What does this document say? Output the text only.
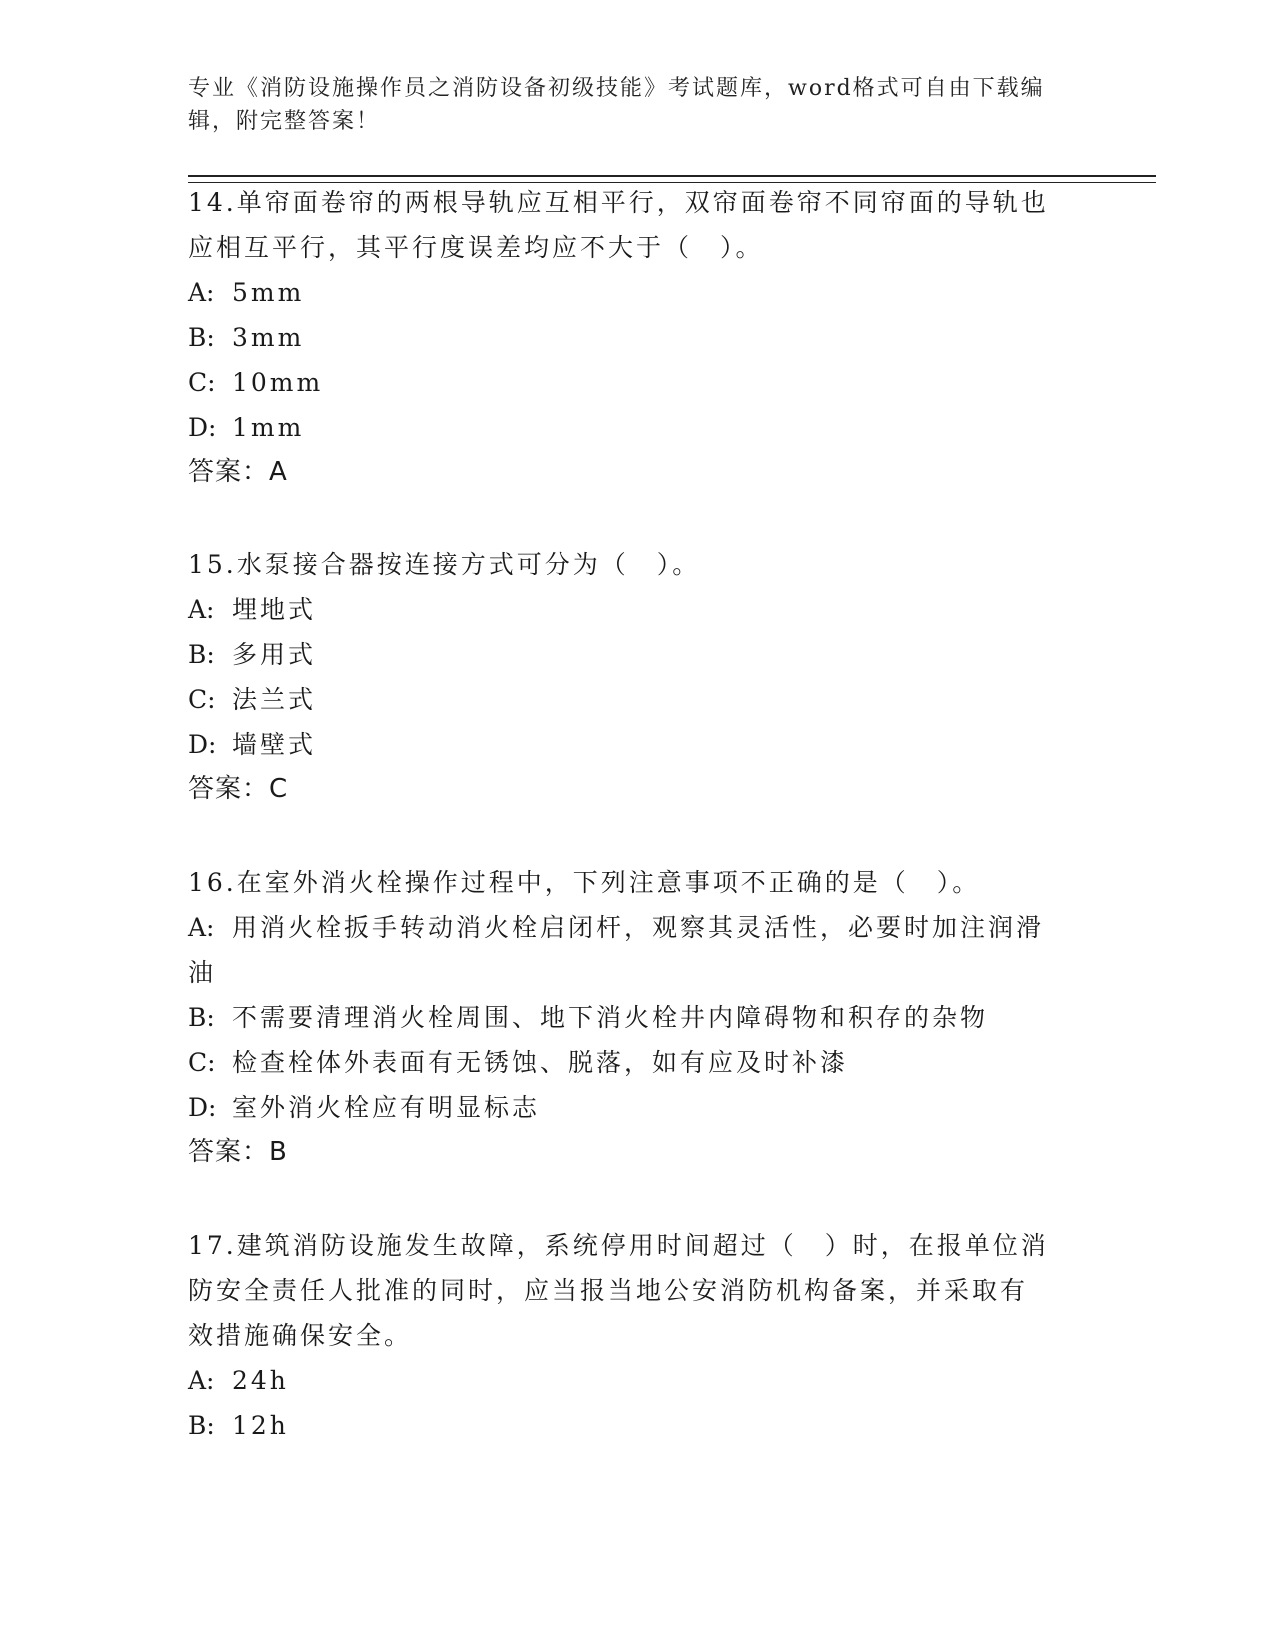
专业《消防设施操作员之消防设备初级技能》考试题库，word格式可自由下载编
辑，附完整答案！

14.单帘面卷帘的两根导轨应互相平行，双帘面卷帘不同帘面的导轨也

应相互平行，其平行度误差均应不大于（　）。

A: 5mm

B: 3mm

C: 10mm

D: 1mm

答案：A

15.水泵接合器按连接方式可分为（　）。

A: 埋地式

B: 多用式

C: 法兰式

D: 墙壁式

答案：C

16.在室外消火栓操作过程中，下列注意事项不正确的是（　）。

A: 用消火栓扳手转动消火栓启闭杆，观察其灵活性，必要时加注润滑

油

B: 不需要清理消火栓周围、地下消火栓井内障碍物和积存的杂物

C: 检查栓体外表面有无锈蚀、脱落，如有应及时补漆

D: 室外消火栓应有明显标志

答案：B

17.建筑消防设施发生故障，系统停用时间超过（　）时，在报单位消

防安全责任人批准的同时，应当报当地公安消防机构备案，并采取有

效措施确保安全。

A: 24h

B: 12h
